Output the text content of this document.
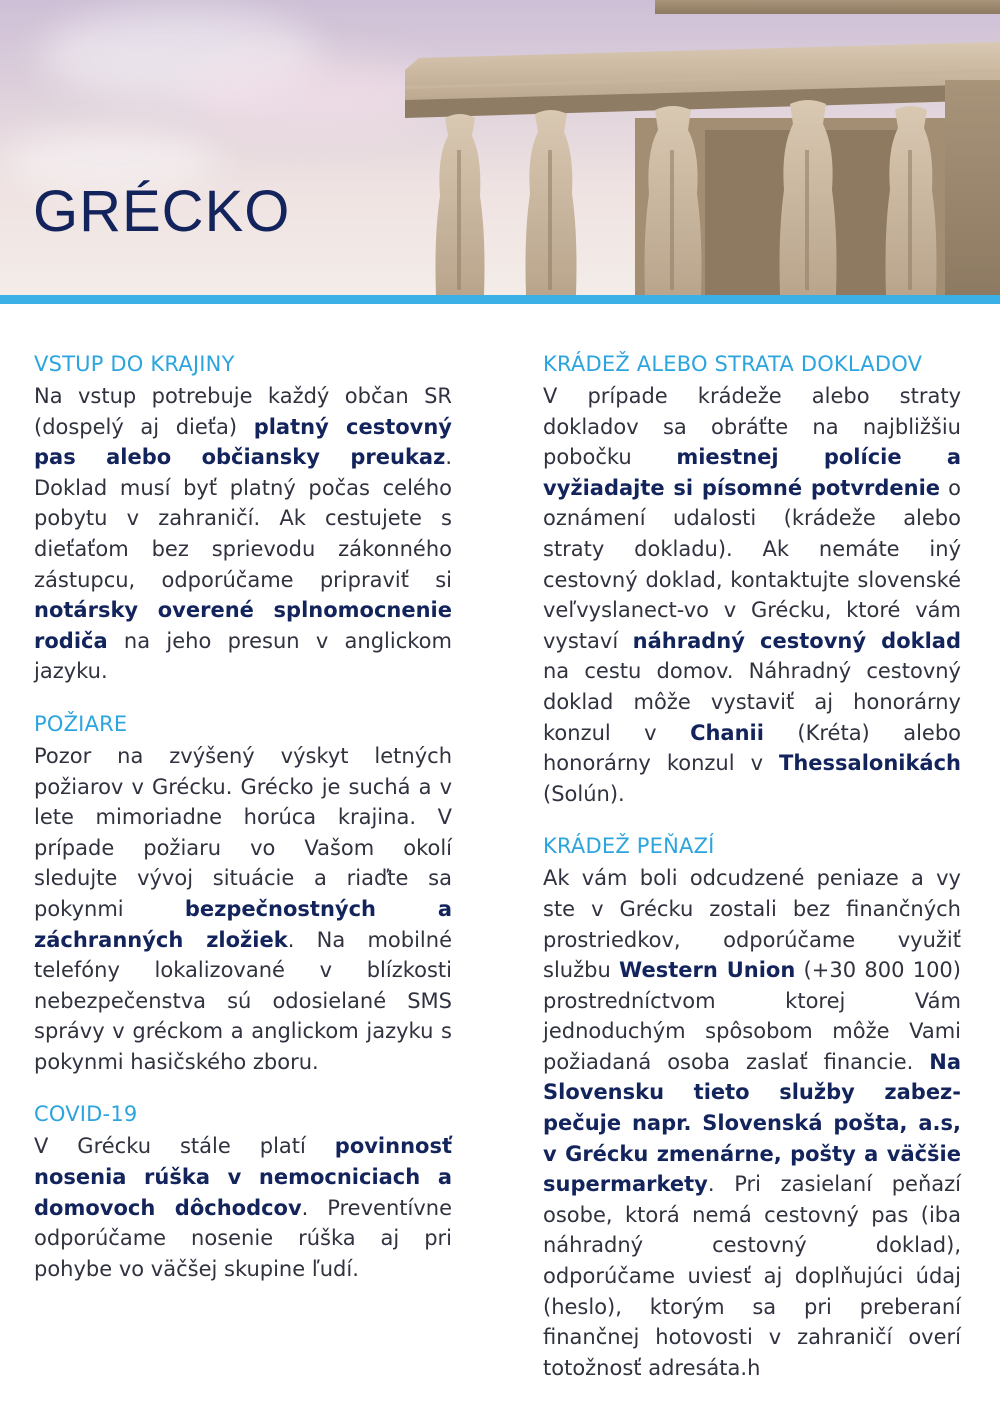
GRÉCKO
VSTUP DO KRAJINY

Na vstup potrebuje každý občan SR (dospelý aj dieťa) platný cestovný pas alebo občiansky preukaz. Doklad musí byť platný počas celého pobytu v zahraničí. Ak cestujete s dieťaťom bez sprievodu zákonného zástupcu, odporúčame pripraviť si notársky overené splnomocnenie rodiča na jeho presun v anglickom jazyku.

POŽIARE

Pozor na zvýšený výskyt letných požiarov v Grécku. Grécko je suchá a v lete mimoriadne horúca krajina. V prípade požiaru vo Vašom okolí sledujte vývoj situácie a riaďte sa pokynmi bezpečnostných a záchranných zložiek. Na mobilné telefóny lokalizované v blízkosti nebezpečenstva sú odosielané SMS správy v gréckom a anglickom jazyku s pokynmi hasičského zboru.

COVID-19

V Grécku stále platí povinnosť nosenia rúška v nemocniciach a domovoch dôchodcov. Preventívne odporúčame nosenie rúška aj pri pohybe vo väčšej skupine ľudí.

KRÁDEŽ ALEBO STRATA DOKLADOV

V prípade krádeže alebo straty dokladov sa obráťte na najbližšiu pobočku miestnej polície a vyžiadajte si písomné potvrdenie o oznámení udalosti (krádeže alebo straty dokladu). Ak nemáte iný cestovný doklad, kontaktujte slovenské veľvyslanect-vo v Grécku, ktoré vám vystaví náhradný cestovný doklad na cestu domov. Náhradný cestovný doklad môže vystaviť aj honorárny konzul v Chanii (Kréta) alebo honorárny konzul v Thessalonikách (Solún).

KRÁDEŽ PEŇAZÍ

Ak vám boli odcudzené peniaze a vy ste v Grécku zostali bez finančných prostriedkov, odporúčame využiť službu Western Union (+30 800 100) prostredníctvom ktorej Vám jednoduchým spôsobom môže Vami požiadaná osoba zaslať financie. Na Slovensku tieto služby zabez-pečuje napr. Slovenská pošta, a.s, v Grécku zmenárne, pošty a väčšie supermarkety. Pri zasielaní peňazí osobe, ktorá nemá cestovný pas (iba náhradný cestovný doklad), odporúčame uviesť aj doplňujúci údaj (heslo), ktorým sa pri preberaní finančnej hotovosti v zahraničí overí totožnosť adresáta.h
